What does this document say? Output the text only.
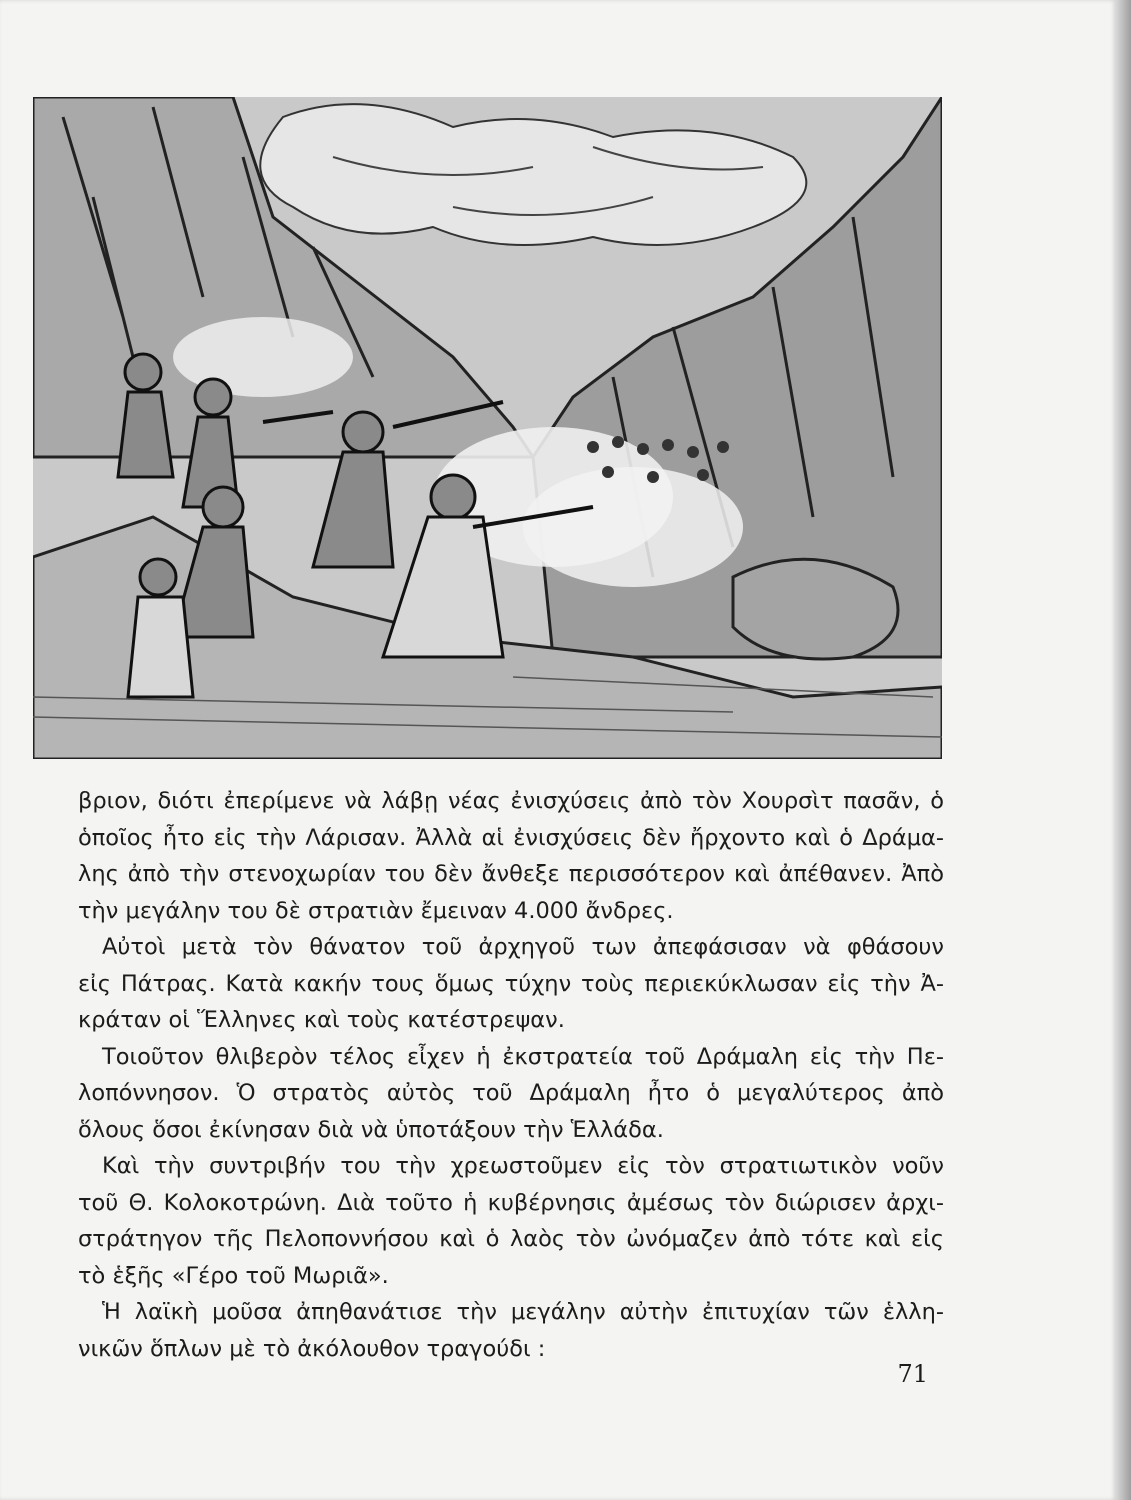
βριον, διότι ἐπερίμενε νὰ λάβῃ νέας ἐνισχύσεις ἀπὸ τὸν Χουρσὶτ πασᾶν, ὁ
ὁποῖος ἦτο εἰς τὴν Λάρισαν. Ἀλλὰ αἱ ἐνισχύσεις δὲν ἤρχοντο καὶ ὁ Δράμα-
λης ἀπὸ τὴν στενοχωρίαν του δὲν ἄνθεξε περισσότερον καὶ ἀπέθανεν. Ἀπὸ
τὴν μεγάλην του δὲ στρατιὰν ἔμειναν 4.000 ἄνδρες.
Αὐτοὶ μετὰ τὸν θάνατον τοῦ ἀρχηγοῦ των ἀπεφάσισαν νὰ φθάσουν
εἰς Πάτρας. Κατὰ κακήν τους ὅμως τύχην τοὺς περιεκύκλωσαν εἰς τὴν Ἀ-
κράταν οἱ Ἕλληνες καὶ τοὺς κατέστρεψαν.
Τοιοῦτον θλιβερὸν τέλος εἶχεν ἡ ἐκστρατεία τοῦ Δράμαλη εἰς τὴν Πε-
λοπόννησον. Ὁ στρατὸς αὐτὸς τοῦ Δράμαλη ἦτο ὁ μεγαλύτερος ἀπὸ
ὅλους ὅσοι ἐκίνησαν διὰ νὰ ὑποτάξουν τὴν Ἑλλάδα.
Καὶ τὴν συντριβήν του τὴν χρεωστοῦμεν εἰς τὸν στρατιωτικὸν νοῦν
τοῦ Θ. Κολοκοτρώνη. Διὰ τοῦτο ἡ κυβέρνησις ἀμέσως τὸν διώρισεν ἀρχι-
στράτηγον τῆς Πελοποννήσου καὶ ὁ λαὸς τὸν ὠνόμαζεν ἀπὸ τότε καὶ εἰς
τὸ ἑξῆς «Γέρο τοῦ Μωριᾶ».
Ἡ λαϊκὴ μοῦσα ἀπηθανάτισε τὴν μεγάλην αὐτὴν ἐπιτυχίαν τῶν ἑλλη-
νικῶν ὅπλων μὲ τὸ ἀκόλουθον τραγούδι :
71
